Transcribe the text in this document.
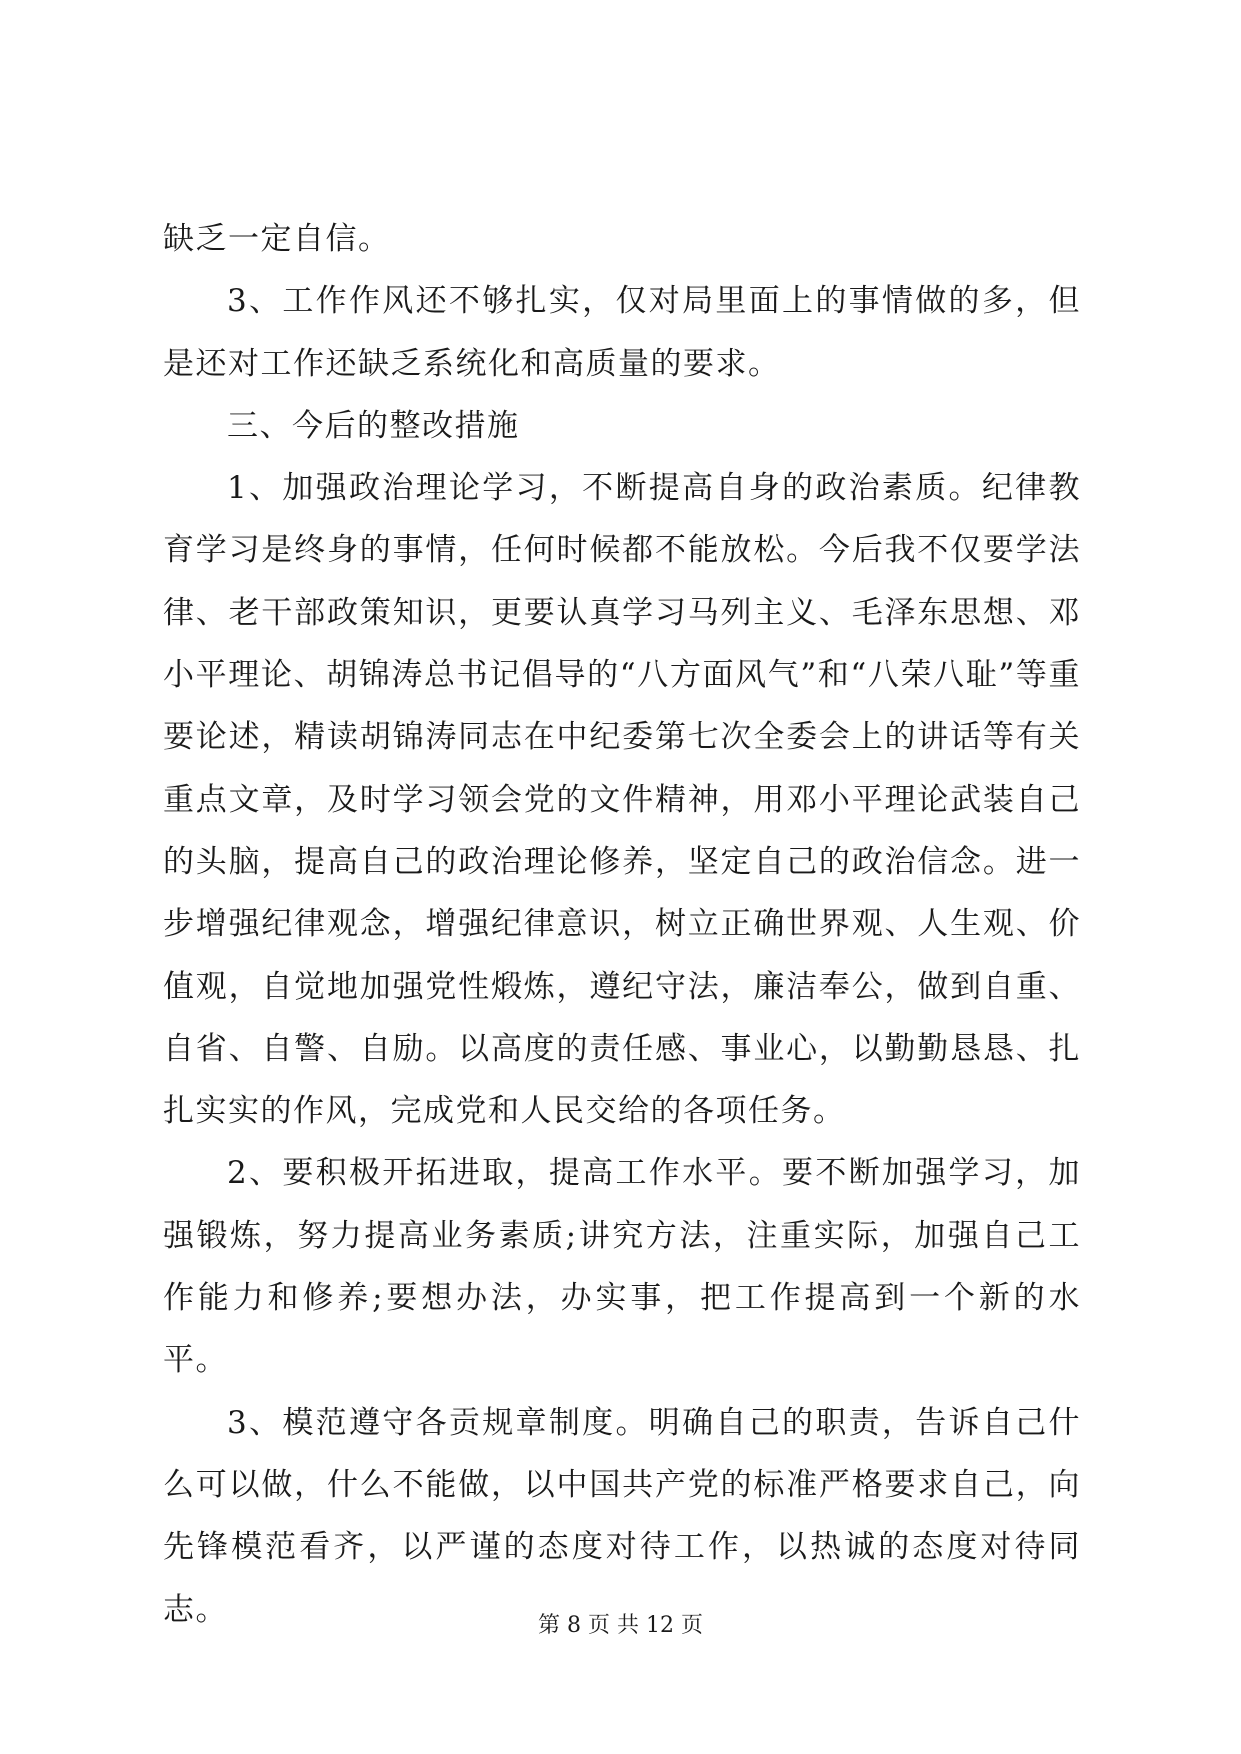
缺乏一定自信。

3、工作作风还不够扎实，仅对局里面上的事情做的多，但是还对工作还缺乏系统化和高质量的要求。

三、今后的整改措施

1、加强政治理论学习，不断提高自身的政治素质。纪律教育学习是终身的事情，任何时候都不能放松。今后我不仅要学法律、老干部政策知识，更要认真学习马列主义、毛泽东思想、邓小平理论、胡锦涛总书记倡导的“八方面风气”和“八荣八耻”等重要论述，精读胡锦涛同志在中纪委第七次全委会上的讲话等有关重点文章，及时学习领会党的文件精神，用邓小平理论武装自己的头脑，提高自己的政治理论修养，坚定自己的政治信念。进一步增强纪律观念，增强纪律意识，树立正确世界观、人生观、价值观，自觉地加强党性煅炼，遵纪守法，廉洁奉公，做到自重、自省、自警、自励。以高度的责任感、事业心，以勤勤恳恳、扎扎实实的作风，完成党和人民交给的各项任务。

2、要积极开拓进取，提高工作水平。要不断加强学习，加强锻炼，努力提高业务素质;讲究方法，注重实际，加强自己工作能力和修养;要想办法，办实事，把工作提高到一个新的水平。

3、模范遵守各贡规章制度。明确自己的职责，告诉自己什么可以做，什么不能做，以中国共产党的标准严格要求自己，向先锋模范看齐，以严谨的态度对待工作，以热诚的态度对待同志。	第 8 页 共 12 页
